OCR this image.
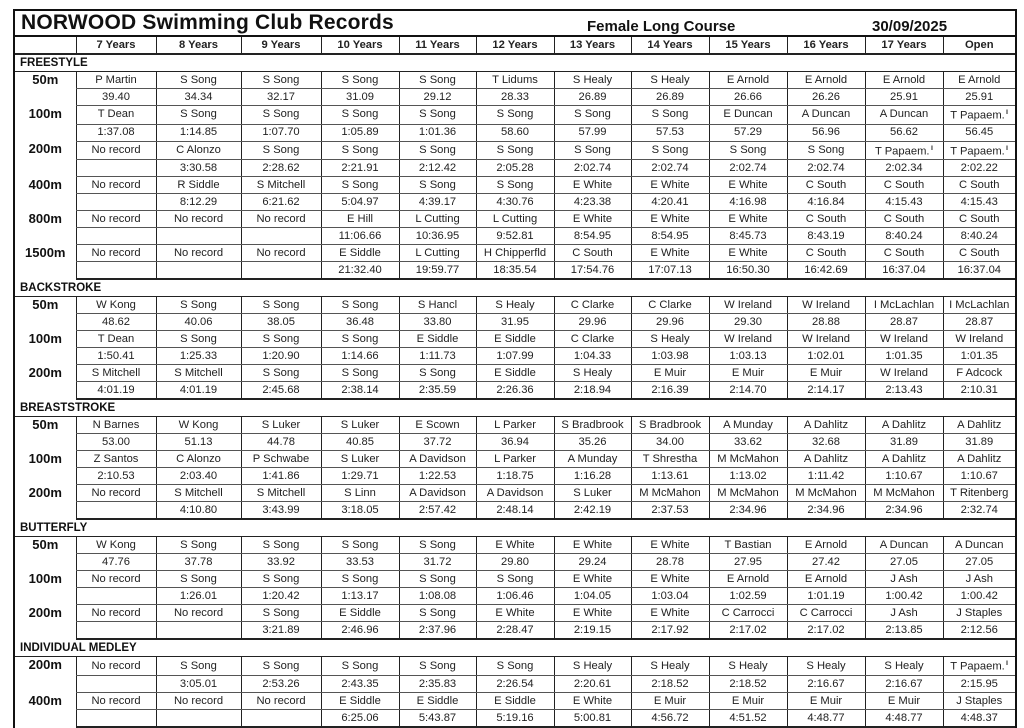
NORWOOD Swimming Club Records	Female Long Course	30/09/2025
	7 Years	8 Years	9 Years	10 Years	11 Years	12 Years	13 Years	14 Years	15 Years	16 Years	17 Years	Open
FREESTYLE												
50m	P Martin	S Song	S Song	S Song	S Song	T Lidums	S Healy	S Healy	E Arnold	E Arnold	E Arnold	E Arnold
	39.40	34.34	32.17	31.09	29.12	28.33	26.89	26.89	26.66	26.26	25.91	25.91
100m	T Dean	S Song	S Song	S Song	S Song	S Song	S Song	S Song	E Duncan	A Duncan	A Duncan	T Papaem.$^ǁ$
	1:37.08	1:14.85	1:07.70	1:05.89	1:01.36	58.60	57.99	57.53	57.29	56.96	56.62	56.45
200m	No record	C Alonzo	S Song	S Song	S Song	S Song	S Song	S Song	S Song	S Song	T Papaem.$^ǁ$	T Papaem.$^ǁ$
		3:30.58	2:28.62	2:21.91	2:12.42	2:05.28	2:02.74	2:02.74	2:02.74	2:02.74	2:02.34	2:02.22
400m	No record	R Siddle	S Mitchell	S Song	S Song	S Song	E White	E White	E White	C South	C South	C South
		8:12.29	6:21.62	5:04.97	4:39.17	4:30.76	4:23.38	4:20.41	4:16.98	4:16.84	4:15.43	4:15.43
800m	No record	No record	No record	E Hill	L Cutting	L Cutting	E White	E White	E White	C South	C South	C South
				11:06.66	10:36.95	9:52.81	8:54.95	8:54.95	8:45.73	8:43.19	8:40.24	8:40.24
1500m	No record	No record	No record	E Siddle	L Cutting	H Chipperfld	C South	E White	E White	C South	C South	C South
				21:32.40	19:59.77	18:35.54	17:54.76	17:07.13	16:50.30	16:42.69	16:37.04	16:37.04
BACKSTROKE												
50m	W Kong	S Song	S Song	S Song	S Hancl	S Healy	C Clarke	C Clarke	W Ireland	W Ireland	I McLachlan	I McLachlan
	48.62	40.06	38.05	36.48	33.80	31.95	29.96	29.96	29.30	28.88	28.87	28.87
100m	T Dean	S Song	S Song	S Song	E Siddle	E Siddle	C Clarke	S Healy	W Ireland	W Ireland	W Ireland	W Ireland
	1:50.41	1:25.33	1:20.90	1:14.66	1:11.73	1:07.99	1:04.33	1:03.98	1:03.13	1:02.01	1:01.35	1:01.35
200m	S Mitchell	S Mitchell	S Song	S Song	S Song	E Siddle	S Healy	E Muir	E Muir	E Muir	W Ireland	F Adcock
	4:01.19	4:01.19	2:45.68	2:38.14	2:35.59	2:26.36	2:18.94	2:16.39	2:14.70	2:14.17	2:13.43	2:10.31
BREASTSTROKE												
50m	N Barnes	W Kong	S Luker	S Luker	E Scown	L Parker	S Bradbrook	S Bradbrook	A Munday	A Dahlitz	A Dahlitz	A Dahlitz
	53.00	51.13	44.78	40.85	37.72	36.94	35.26	34.00	33.62	32.68	31.89	31.89
100m	Z Santos	C Alonzo	P Schwabe	S Luker	A Davidson	L Parker	A Munday	T Shrestha	M McMahon	A Dahlitz	A Dahlitz	A Dahlitz
	2:10.53	2:03.40	1:41.86	1:29.71	1:22.53	1:18.75	1:16.28	1:13.61	1:13.02	1:11.42	1:10.67	1:10.67
200m	No record	S Mitchell	S Mitchell	S Linn	A Davidson	A Davidson	S Luker	M McMahon	M McMahon	M McMahon	M McMahon	T Ritenberg
		4:10.80	3:43.99	3:18.05	2:57.42	2:48.14	2:42.19	2:37.53	2:34.96	2:34.96	2:34.96	2:32.74
BUTTERFLY												
50m	W Kong	S Song	S Song	S Song	S Song	E White	E White	E White	T Bastian	E Arnold	A Duncan	A Duncan
	47.76	37.78	33.92	33.53	31.72	29.80	29.24	28.78	27.95	27.42	27.05	27.05
100m	No record	S Song	S Song	S Song	S Song	S Song	E White	E White	E Arnold	E Arnold	J Ash	J Ash
		1:26.01	1:20.42	1:13.17	1:08.08	1:06.46	1:04.05	1:03.04	1:02.59	1:01.19	1:00.42	1:00.42
200m	No record	No record	S Song	E Siddle	S Song	E White	E White	E White	C Carrocci	C Carrocci	J Ash	J Staples
			3:21.89	2:46.96	2:37.96	2:28.47	2:19.15	2:17.92	2:17.02	2:17.02	2:13.85	2:12.56
INDIVIDUAL MEDLEY												
200m	No record	S Song	S Song	S Song	S Song	S Song	S Healy	S Healy	S Healy	S Healy	S Healy	T Papaem.$^ǁ$
		3:05.01	2:53.26	2:43.35	2:35.83	2:26.54	2:20.61	2:18.52	2:18.52	2:16.67	2:16.67	2:15.95
400m	No record	No record	No record	E Siddle	E Siddle	E Siddle	E White	E Muir	E Muir	E Muir	E Muir	J Staples
				6:25.06	5:43.87	5:19.16	5:00.81	4:56.72	4:51.52	4:48.77	4:48.77	4:48.37
